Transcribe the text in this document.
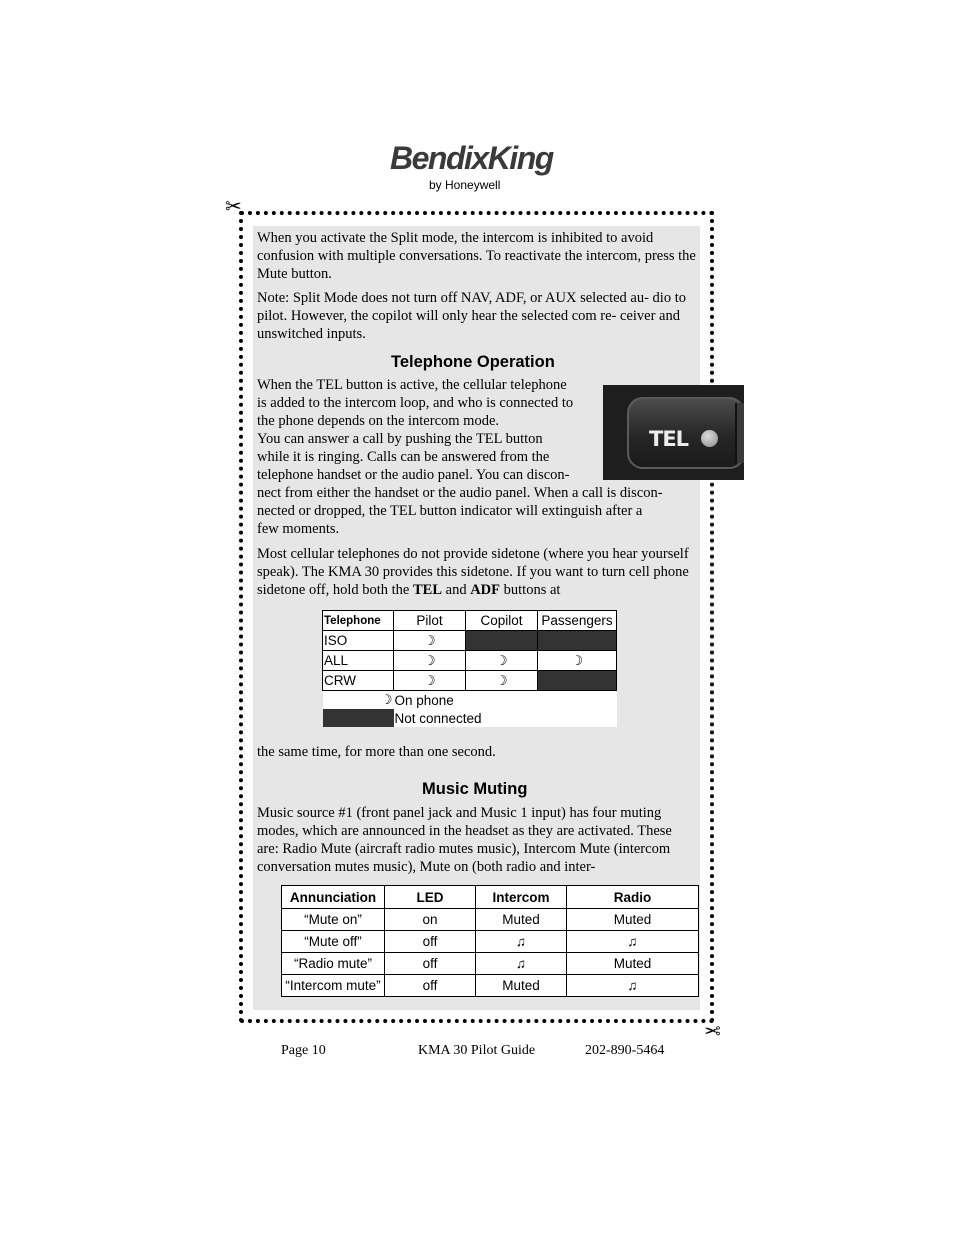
BendixKing
by Honeywell
✂
✂

When you activate the Split mode, the intercom is inhibited to avoid confusion with multiple conversations. To reactivate the intercom, press the Mute button.

Note: Split Mode does not turn off NAV, ADF, or AUX selected au- dio to pilot. However, the copilot will only hear the selected com re- ceiver and unswitched inputs.

Telephone Operation
When the TEL button is active, the cellular telephone
is added to the intercom loop, and who is connected to
the phone depends on the intercom mode.
You can answer a call by pushing the TEL button
while it is ringing. Calls can be answered from the
telephone handset or the audio panel. You can discon-
nect from either the handset or the audio panel. When a call is discon-
nected or dropped, the TEL button indicator will extinguish after a
few moments.
TEL

Most cellular telephones do not provide sidetone (where you hear yourself speak). The KMA 30 provides this sidetone. If you want to turn cell phone sidetone off, hold both the TEL and ADF buttons at

Telephone	Pilot	Copilot	Passengers
ISO	☽		
ALL	☽	☽	☽
CRW	☽	☽	
☽	On phone		
	Not connected		

the same time, for more than one second.

Music Muting

Music source #1 (front panel jack and Music 1 input) has four muting modes, which are announced in the headset as they are activated. These are: Radio Mute (aircraft radio mutes music), Intercom Mute (intercom conversation mutes music), Mute on (both radio and inter-

Annunciation	LED	Intercom	Radio
“Mute on”	on	Muted	Muted
“Mute off”	off	♫	♫
“Radio mute”	off	♫	Muted
“Intercom mute”	off	Muted	♫
Page 10	KMA 30 Pilot Guide	202-890-5464
